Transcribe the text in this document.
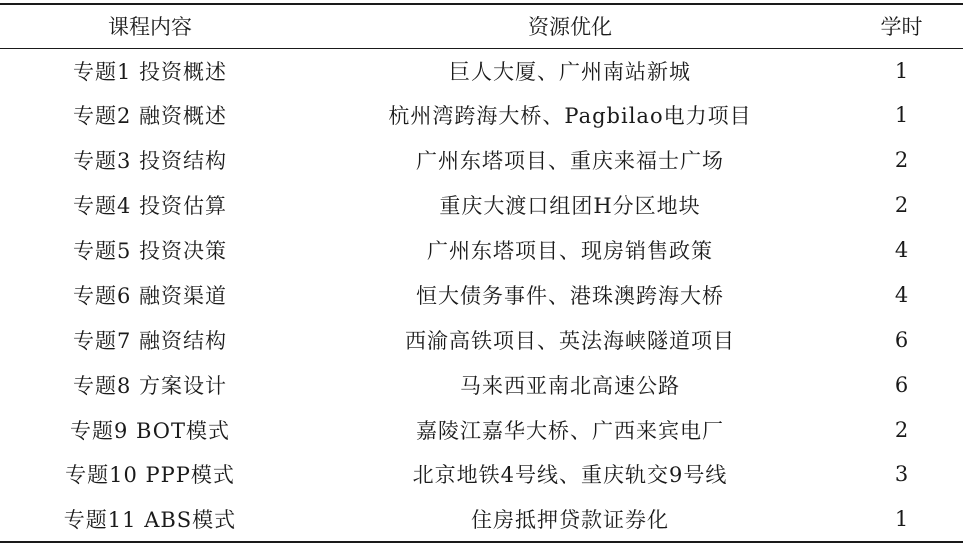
课程内容	资源优化	学时
专题1 投资概述	巨人大厦、广州南站新城	1
专题2 融资概述	杭州湾跨海大桥、Pagbilao电力项目	1
专题3 投资结构	广州东塔项目、重庆来福士广场	2
专题4 投资估算	重庆大渡口组团H分区地块	2
专题5 投资决策	广州东塔项目、现房销售政策	4
专题6 融资渠道	恒大债务事件、港珠澳跨海大桥	4
专题7 融资结构	西渝高铁项目、英法海峡隧道项目	6
专题8 方案设计	马来西亚南北高速公路	6
专题9 BOT模式	嘉陵江嘉华大桥、广西来宾电厂	2
专题10 PPP模式	北京地铁4号线、重庆轨交9号线	3
专题11 ABS模式	住房抵押贷款证券化	1
